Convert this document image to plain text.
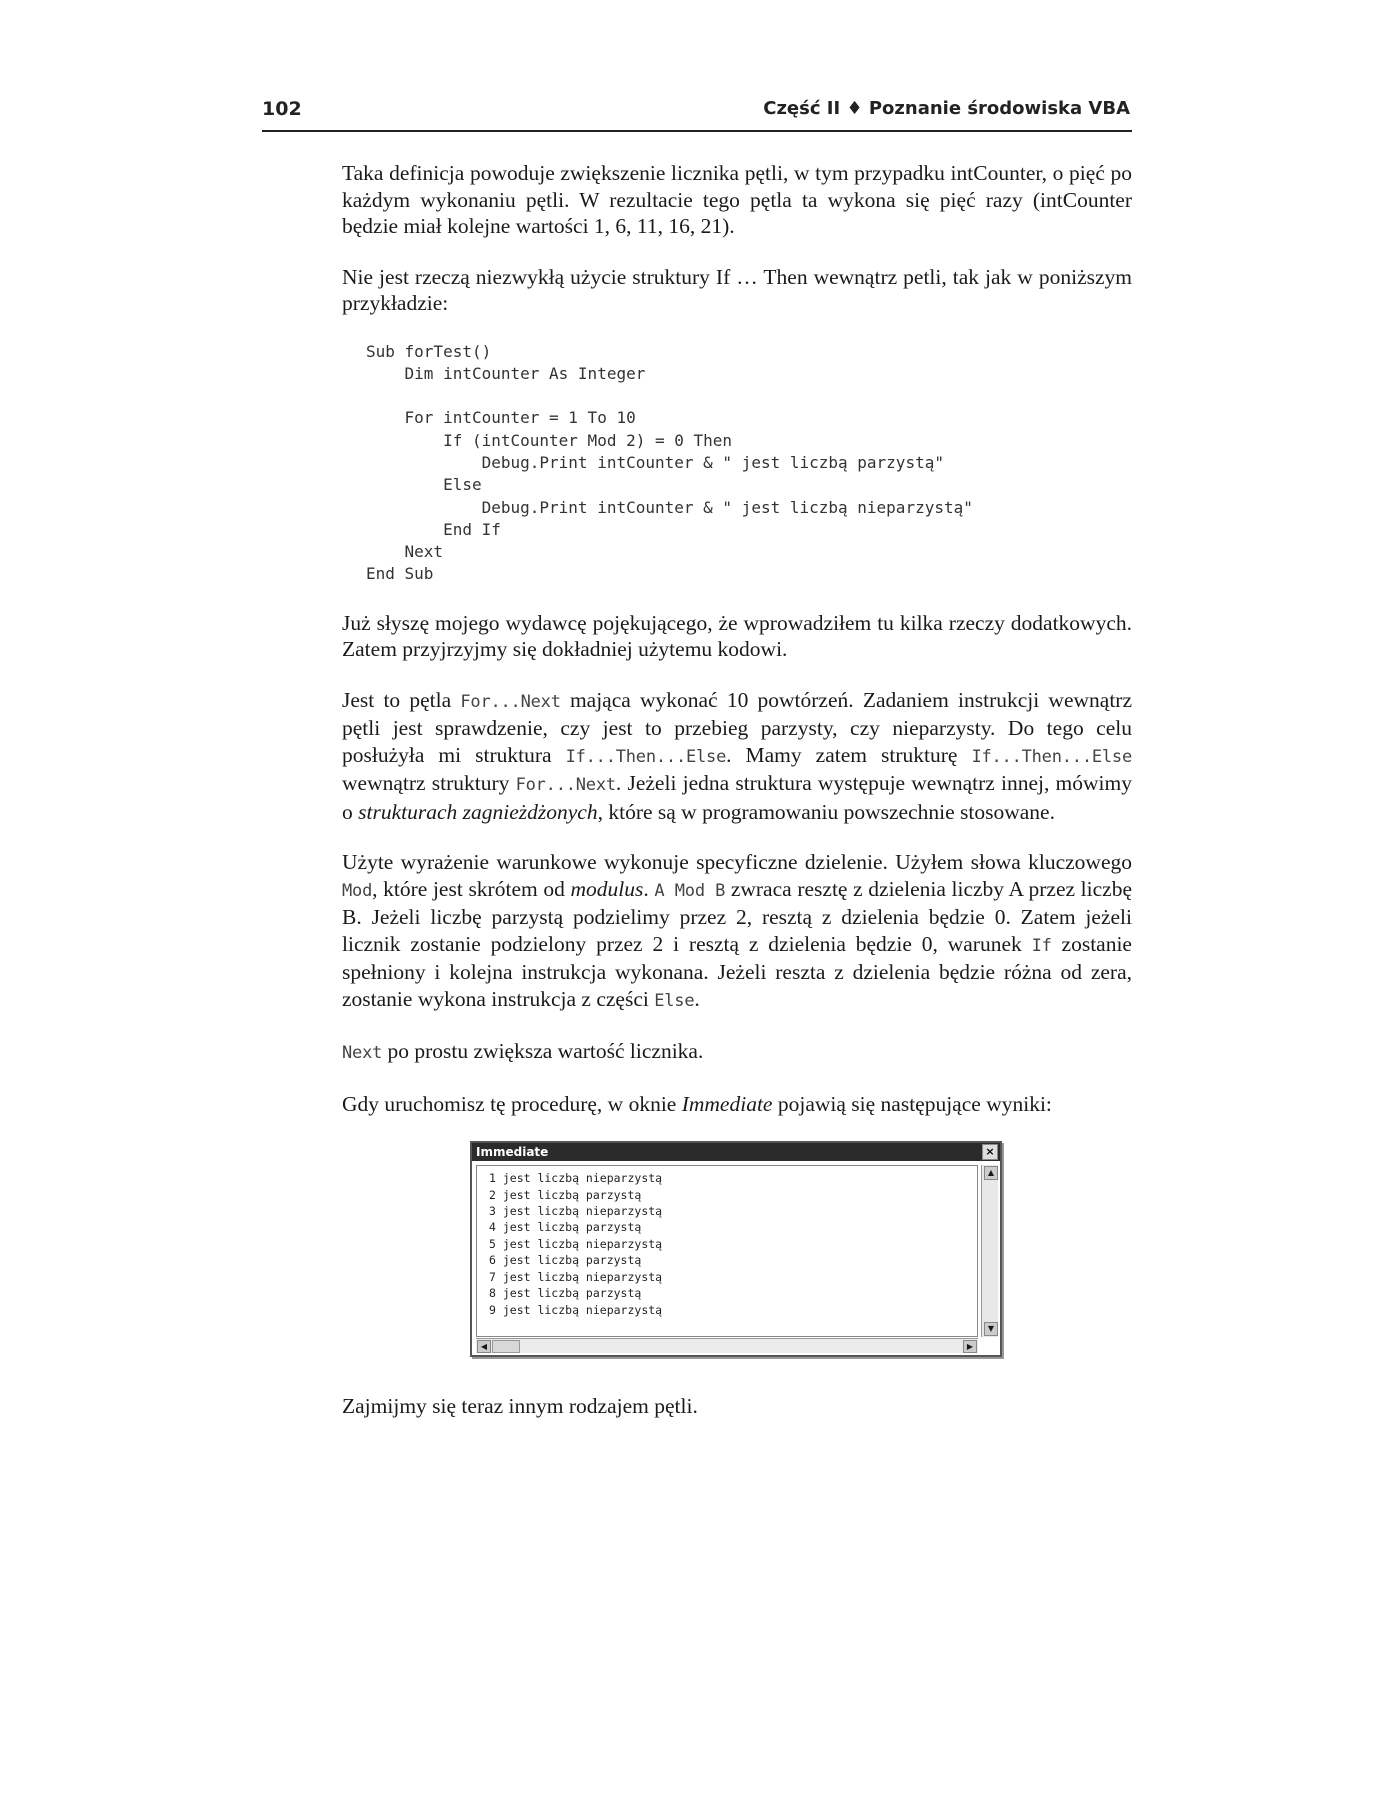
102	Część II ♦ Poznanie środowiska VBA

Taka definicja powoduje zwiększenie licznika pętli, w tym przypadku intCounter, o pięć po każdym wykonaniu pętli. W rezultacie tego pętla ta wykona się pięć razy (intCounter będzie miał kolejne wartości 1, 6, 11, 16, 21).

Nie jest rzeczą niezwykłą użycie struktury If … Then wewnątrz petli, tak jak w poniższym przykładzie:

Sub forTest()
Dim intCounter As Integer

For intCounter = 1 To 10
If (intCounter Mod 2) = 0 Then
Debug.Print intCounter & " jest liczbą parzystą"
Else
Debug.Print intCounter & " jest liczbą nieparzystą"
End If
Next
End Sub

Już słyszę mojego wydawcę pojękującego, że wprowadziłem tu kilka rzeczy dodatkowych. Zatem przyjrzyjmy się dokładniej użytemu kodowi.

Jest to pętla For...Next mająca wykonać 10 powtórzeń. Zadaniem instrukcji wewnątrz pętli jest sprawdzenie, czy jest to przebieg parzysty, czy nieparzysty. Do tego celu posłużyła mi struktura If...Then...Else. Mamy zatem strukturę If...Then...Else wewnątrz struktury For...Next. Jeżeli jedna struktura występuje wewnątrz innej, mówimy o strukturach zagnieżdżonych, które są w programowaniu powszechnie stosowane.

Użyte wyrażenie warunkowe wykonuje specyficzne dzielenie. Użyłem słowa kluczowego Mod, które jest skrótem od modulus. A Mod B zwraca resztę z dzielenia liczby A przez liczbę B. Jeżeli liczbę parzystą podzielimy przez 2, resztą z dzielenia będzie 0. Zatem jeżeli licznik zostanie podzielony przez 2 i resztą z dzielenia będzie 0, warunek If zostanie spełniony i kolejna instrukcja wykonana. Jeżeli reszta z dzielenia będzie różna od zera, zostanie wykona instrukcja z części Else.

Next po prostu zwiększa wartość licznika.

Gdy uruchomisz tę procedurę, w oknie Immediate pojawią się następujące wyniki:

Immediate	×
1 jest liczbą nieparzystą
2 jest liczbą parzystą
3 jest liczbą nieparzystą
4 jest liczbą parzystą
5 jest liczbą nieparzystą
6 jest liczbą parzystą
7 jest liczbą nieparzystą
8 jest liczbą parzystą
9 jest liczbą nieparzystą
▲
▼
◀	▶

Zajmijmy się teraz innym rodzajem pętli.
